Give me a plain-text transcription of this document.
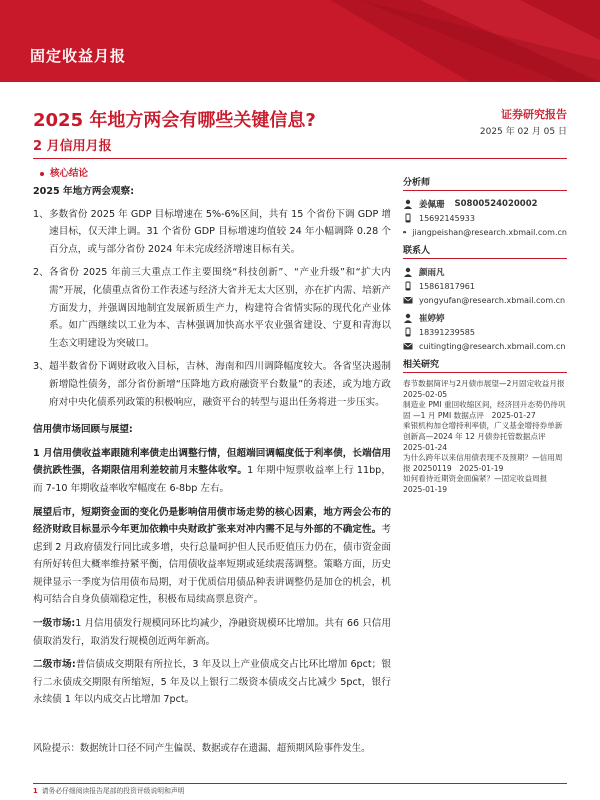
固定收益月报
2025 年地方两会有哪些关键信息?
2 月信用月报
证券研究报告
2025 年 02 月 05 日
核心结论
2025 年地方两会观察:
1、 多数省份 2025 年 GDP 目标增速在 5%-6%区间，共有 15 个省份下调 GDP 增速目标，仅天津上调。31 个省份 GDP 目标增速均值较 24 年小幅调降 0.28 个百分点，或与部分省份 2024 年未完成经济增速目标有关。
2、 各省份 2025 年前三大重点工作主要围绕“科技创新”、“产业升级”和“扩大内需”开展，化债重点省份工作表述与经济大省并无太大区别，亦在扩内需、培新产方面发力，并强调因地制宜发展新质生产力，构建符合省情实际的现代化产业体系。如广西继续以工业为本、吉林强调加快高水平农业强省建设、宁夏和青海以生态文明建设为突破口。
3、 超半数省份下调财政收入目标，吉林、海南和四川调降幅度较大。各省坚决遏制新增隐性债务，部分省份新增“压降地方政府融资平台数量”的表述，或为地方政府对中央化债系列政策的积极响应，融资平台的转型与退出任务将进一步压实。
信用债市场回顾与展望:

1 月信用债收益率跟随利率债走出调整行情，但超端回调幅度低于利率债，长端信用债抗跌性强，各期限信用利差较前月末整体收窄。1 年期中短票收益率上行 11bp，而 7-10 年期收益率收窄幅度在 6-8bp 左右。

展望后市，短期资金面的变化仍是影响信用债市场走势的核心因素，地方两会公布的经济财政目标显示今年更加依赖中央财政扩张来对冲内需不足与外部的不确定性。考虑到 2 月政府债发行同比或多增，央行总量呵护但人民币贬值压力仍在，债市资金面有所好转但大概率维持紧平衡，信用债收益率短期或延续震荡调整。策略方面，历史规律显示一季度为信用债布局期，对于优质信用债品种表讲调整仍是加仓的机会，机构可结合自身负债端稳定性，积极布局续高票息资产。

一级市场:1 月信用债发行规模同环比均减少，净融资规模环比增加。共有 66 只信用债取消发行，取消发行规模创近两年新高。

二级市场:普信债成交期限有所拉长，3 年及以上产业债成交占比环比增加 6pct；银行二永债成交期限有所缩短，5 年及以上银行二级资本债成交占比减少 5pct，银行永续债 1 年以内成交占比增加 7pct。

分析师
姜佩珊 S0800524020002
15692145933
jiangpeishan@research.xbmail.com.cn
联系人
颜雨凡
15861817961
yongyufan@research.xbmail.com.cn
崔婷婷
18391239585
cuitingting@research.xbmail.com.cn
相关研究
春节数据简评与2月债市展望—2月固定收益月报
2025-02-05
制造业 PMI 重回收缩区间，经济回升态势仍待巩固 —1 月 PMI 数据点评　2025-01-27
乘银机构加仓增持利率债，广义基金增持券单新创新高—2024 年 12 月债券托管数据点评　2025-01-24
为什么跨年以来信用债表现不及预期？—信用周报 20250119　2025-01-19
如何看待近期资金面偏紧？—固定收益周报
2025-01-19
风险提示：数据统计口径不同产生偏误、数据或存在遗漏、超预期风险事件发生。
1 请务必仔细阅读报告尾部的投资评级说明和声明
